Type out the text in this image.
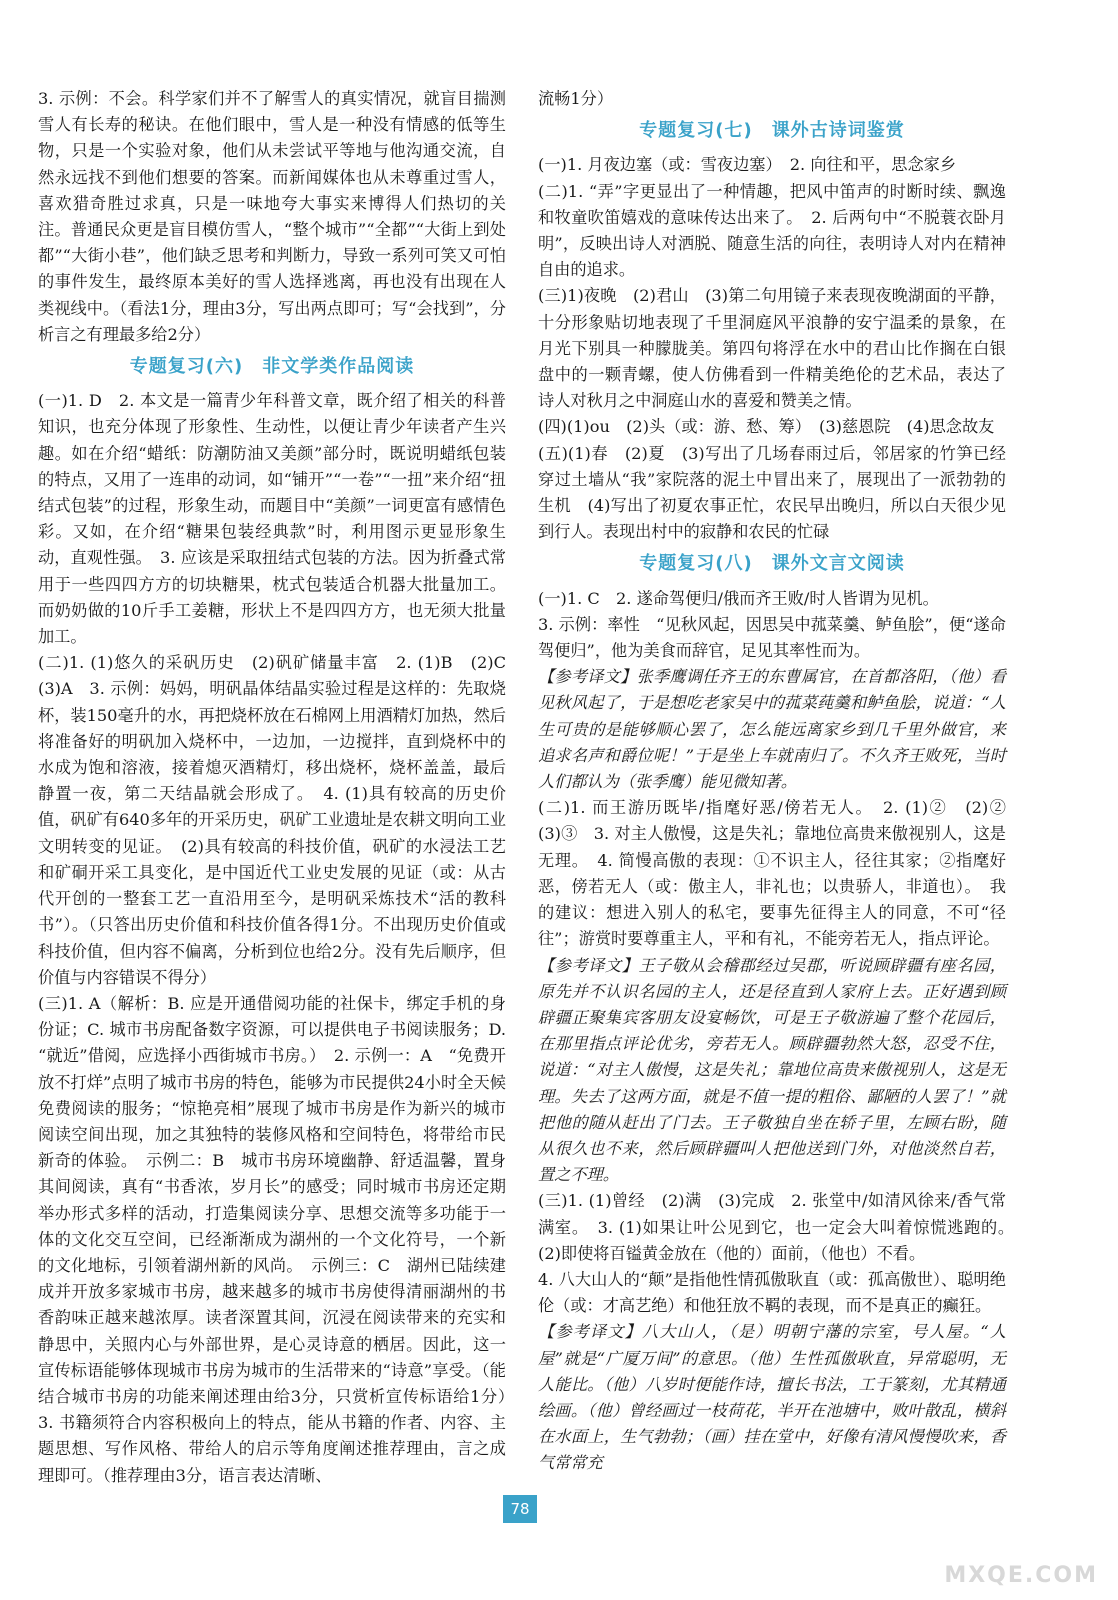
3. 示例：不会。科学家们并不了解雪人的真实情况，就盲目揣测雪人有长寿的秘诀。在他们眼中，雪人是一种没有情感的低等生物，只是一个实验对象，他们从未尝试平等地与他沟通交流，自然永远找不到他们想要的答案。而新闻媒体也从未尊重过雪人，喜欢猎奇胜过求真，只是一味地夸大事实来博得人们热切的关注。普通民众更是盲目模仿雪人，“整个城市”“全都”“大街上到处都”“大街小巷”，他们缺乏思考和判断力，导致一系列可笑又可怕的事件发生，最终原本美好的雪人选择逃离，再也没有出现在人类视线中。（看法1分，理由3分，写出两点即可；写“会找到”，分析言之有理最多给2分）

专题复习(六)　非文学类作品阅读

(一)1. D　2. 本文是一篇青少年科普文章，既介绍了相关的科普知识，也充分体现了形象性、生动性，以便让青少年读者产生兴趣。如在介绍“蜡纸：防潮防油又美颜”部分时，既说明蜡纸包装的特点，又用了一连串的动词，如“铺开”“一卷”“一扭”来介绍“扭结式包装”的过程，形象生动，而题目中“美颜”一词更富有感情色彩。又如，在介绍“糖果包装经典款”时，利用图示更显形象生动，直观性强。　3. 应该是采取扭结式包装的方法。因为折叠式常用于一些四四方方的切块糖果，枕式包装适合机器大批量加工。而奶奶做的10斤手工姜糖，形状上不是四四方方，也无须大批量加工。

(二)1. (1)悠久的采矾历史　(2)矾矿储量丰富　2. (1)B　(2)C　(3)A　3. 示例：妈妈，明矾晶体结晶实验过程是这样的：先取烧杯，装150毫升的水，再把烧杯放在石棉网上用酒精灯加热，然后将准备好的明矾加入烧杯中，一边加，一边搅拌，直到烧杯中的水成为饱和溶液，接着熄灭酒精灯，移出烧杯，烧杯盖盖，最后静置一夜，第二天结晶就会形成了。　4. (1)具有较高的历史价值，矾矿有640多年的开采历史，矾矿工业遗址是农耕文明向工业文明转变的见证。　(2)具有较高的科技价值，矾矿的水浸法工艺和矿硐开采工具变化，是中国近代工业史发展的见证（或：从古代开创的一整套工艺一直沿用至今，是明矾采炼技术“活的教科书”）。（只答出历史价值和科技价值各得1分。不出现历史价值或科技价值，但内容不偏离，分析到位也给2分。没有先后顺序，但价值与内容错误不得分）

(三)1. A（解析：B. 应是开通借阅功能的社保卡，绑定手机的身份证；C. 城市书房配备数字资源，可以提供电子书阅读服务；D. “就近”借阅，应选择小西街城市书房。）　2. 示例一：A　“免费开放不打烊”点明了城市书房的特色，能够为市民提供24小时全天候免费阅读的服务；“惊艳亮相”展现了城市书房是作为新兴的城市阅读空间出现，加之其独特的装修风格和空间特色，将带给市民新奇的体验。　示例二：B　城市书房环境幽静、舒适温馨，置身其间阅读，真有“书香浓，岁月长”的感受；同时城市书房还定期举办形式多样的活动，打造集阅读分享、思想交流等多功能于一体的文化交互空间，已经渐渐成为湖州的一个文化符号，一个新的文化地标，引领着湖州新的风尚。　示例三：C　湖州已陆续建成并开放多家城市书房，越来越多的城市书房使得清丽湖州的书香韵味正越来越浓厚。读者深置其间，沉浸在阅读带来的充实和静思中，关照内心与外部世界，是心灵诗意的栖居。因此，这一宣传标语能够体现城市书房为城市的生活带来的“诗意”享受。（能结合城市书房的功能来阐述理由给3分，只赏析宣传标语给1分）　3. 书籍须符合内容积极向上的特点，能从书籍的作者、内容、主题思想、写作风格、带给人的启示等角度阐述推荐理由，言之成理即可。（推荐理由3分，语言表达清晰、

流畅1分）

专题复习(七)　课外古诗词鉴赏

(一)1. 月夜边塞（或：雪夜边塞）　2. 向往和平，思念家乡

(二)1. “弄”字更显出了一种情趣，把风中笛声的时断时续、飘逸和牧童吹笛嬉戏的意味传达出来了。　2. 后两句中“不脱蓑衣卧月明”，反映出诗人对洒脱、随意生活的向往，表明诗人对内在精神自由的追求。

(三)1)夜晚　(2)君山　(3)第二句用镜子来表现夜晚湖面的平静，十分形象贴切地表现了千里洞庭风平浪静的安宁温柔的景象，在月光下别具一种朦胧美。第四句将浮在水中的君山比作搁在白银盘中的一颗青螺，使人仿佛看到一件精美绝伦的艺术品，表达了诗人对秋月之中洞庭山水的喜爱和赞美之情。

(四)(1)ou　(2)头（或：游、愁、筹）　(3)慈恩院　(4)思念故友

(五)(1)春　(2)夏　(3)写出了几场春雨过后，邻居家的竹笋已经穿过土墙从“我”家院落的泥土中冒出来了，展现出了一派勃勃的生机　(4)写出了初夏农事正忙，农民早出晚归，所以白天很少见到行人。表现出村中的寂静和农民的忙碌

专题复习(八)　课外文言文阅读

(一)1. C　2. 遂命驾便归/俄而齐王败/时人皆谓为见机。

3. 示例：率性　“见秋风起，因思吴中菰菜羹、鲈鱼脍”，便“遂命驾便归”，他为美食而辞官，足见其率性而为。

【参考译文】张季鹰调任齐王的东曹属官，在首都洛阳，（他）看见秋风起了，于是想吃老家吴中的菰菜莼羹和鲈鱼脍，说道：“人生可贵的是能够顺心罢了，怎么能远离家乡到几千里外做官，来追求名声和爵位呢！”于是坐上车就南归了。不久齐王败死，当时人们都认为（张季鹰）能见微知著。

(二)1. 而王游历既毕/指麾好恶/傍若无人。　2. (1)②　(2)②　(3)③　3. 对主人傲慢，这是失礼；靠地位高贵来傲视别人，这是无理。　4. 简慢高傲的表现：①不识主人，径往其家；②指麾好恶，傍若无人（或：傲主人，非礼也；以贵骄人，非道也）。　我的建议：想进入别人的私宅，要事先征得主人的同意，不可“径往”；游赏时要尊重主人，平和有礼，不能旁若无人，指点评论。

【参考译文】王子敬从会稽郡经过吴郡，听说顾辟疆有座名园，原先并不认识名园的主人，还是径直到人家府上去。正好遇到顾辟疆正聚集宾客朋友设宴畅饮，可是王子敬游遍了整个花园后，在那里指点评论优劣，旁若无人。顾辟疆勃然大怒，忍受不住，说道：“对主人傲慢，这是失礼；靠地位高贵来傲视别人，这是无理。失去了这两方面，就是不值一提的粗俗、鄙陋的人罢了！”就把他的随从赶出了门去。王子敬独自坐在轿子里，左顾右盼，随从很久也不来，然后顾辟疆叫人把他送到门外，对他淡然自若，置之不理。

(三)1. (1)曾经　(2)满　(3)完成　2. 张堂中/如清风徐来/香气常满室。　3. (1)如果让叶公见到它，也一定会大叫着惊慌逃跑的。　(2)即使将百镒黄金放在（他的）面前，（他也）不看。

4. 八大山人的“颠”是指他性情孤傲耿直（或：孤高傲世）、聪明绝伦（或：才高艺绝）和他狂放不羁的表现，而不是真正的癫狂。

【参考译文】八大山人，（是）明朝宁藩的宗室，号人屋。“人屋”就是“广厦万间”的意思。（他）生性孤傲耿直，异常聪明，无人能比。（他）八岁时便能作诗，擅长书法，工于篆刻，尤其精通绘画。（他）曾经画过一枝荷花，半开在池塘中，败叶散乱，横斜在水面上，生气勃勃；（画）挂在堂中，好像有清风慢慢吹来，香气常常充

78
MXQE.COM
